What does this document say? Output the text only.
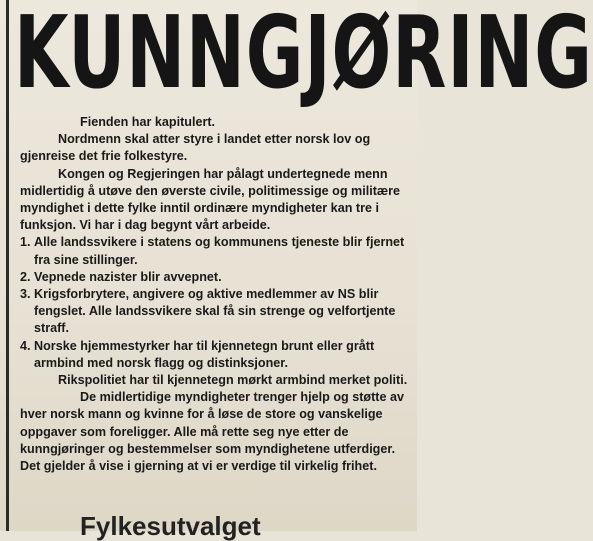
KUNNGJØRING

Fienden har kapitulert.

Nordmenn skal atter styre i landet etter norsk lov og gjenreise det frie folkestyre.

Kongen og Regjeringen har pålagt undertegnede menn midlertidig å utøve den øverste civile, politimessige og militære myndighet i dette fylke inntil ordinære myndigheter kan tre i funksjon. Vi har i dag begynt vårt arbeide.

1. Alle landssvikere i statens og kommunens tjeneste blir fjernet fra sine stillinger.
2. Vepnede nazister blir avvepnet.
3. Krigsforbrytere, angivere og aktive medlemmer av NS blir fengslet. Alle landssvikere skal få sin strenge og velfortjente straff.
4. Norske hjemmestyrker har til kjennetegn brunt eller grått armbind med norsk flagg og distinksjoner.

Rikspolitiet har til kjennetegn mørkt armbind merket politi.

De midlertidige myndigheter trenger hjelp og støtte av hver norsk mann og kvinne for å løse de store og vanskelige oppgaver som foreligger. Alle må rette seg nye etter de kunngjøringer og bestemmelser som myndighetene utferdiger. Det gjelder å vise i gjerning at vi er verdige til virkelig frihet.

Fylkesutvalget
